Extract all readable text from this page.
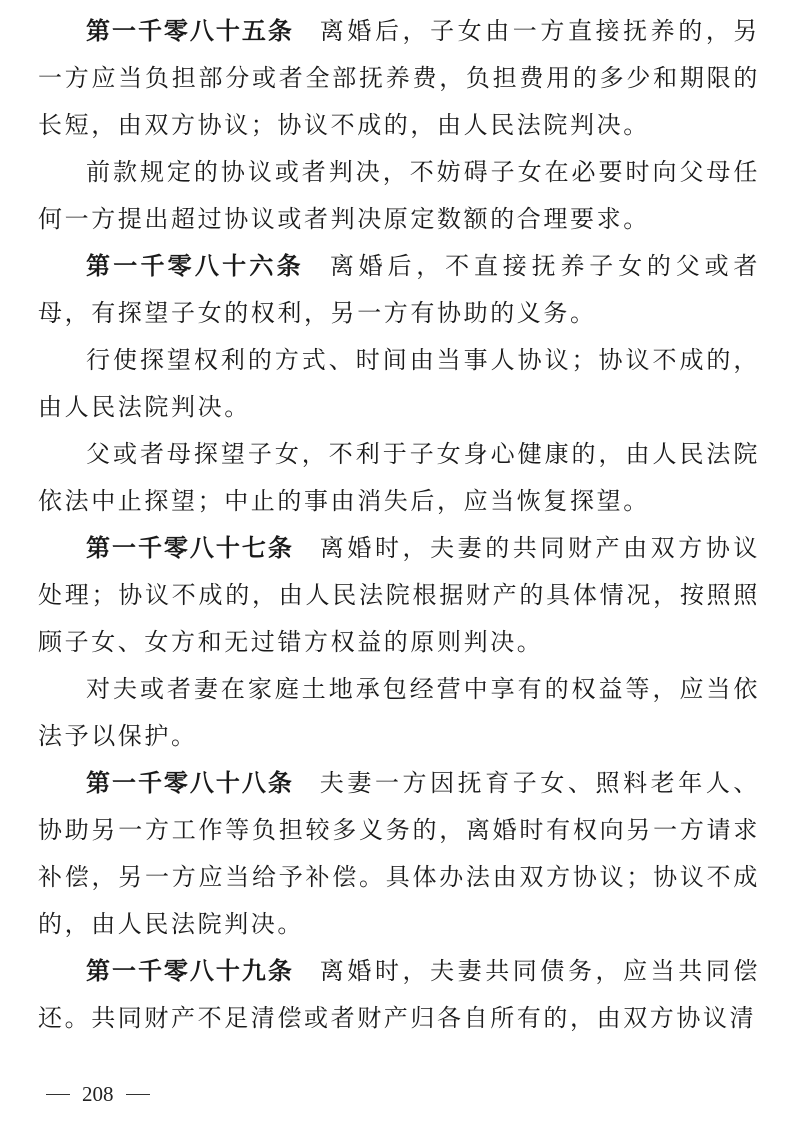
第一千零八十五条 离婚后，子女由一方直接抚养的，另一方应当负担部分或者全部抚养费，负担费用的多少和期限的长短，由双方协议；协议不成的，由人民法院判决。

前款规定的协议或者判决，不妨碍子女在必要时向父母任何一方提出超过协议或者判决原定数额的合理要求。

第一千零八十六条 离婚后，不直接抚养子女的父或者母，有探望子女的权利，另一方有协助的义务。

行使探望权利的方式、时间由当事人协议；协议不成的，由人民法院判决。

父或者母探望子女，不利于子女身心健康的，由人民法院依法中止探望；中止的事由消失后，应当恢复探望。

第一千零八十七条 离婚时，夫妻的共同财产由双方协议处理；协议不成的，由人民法院根据财产的具体情况，按照照顾子女、女方和无过错方权益的原则判决。

对夫或者妻在家庭土地承包经营中享有的权益等，应当依法予以保护。

第一千零八十八条 夫妻一方因抚育子女、照料老年人、协助另一方工作等负担较多义务的，离婚时有权向另一方请求补偿，另一方应当给予补偿。具体办法由双方协议；协议不成的，由人民法院判决。

第一千零八十九条 离婚时，夫妻共同债务，应当共同偿还。共同财产不足清偿或者财产归各自所有的，由双方协议清

208
